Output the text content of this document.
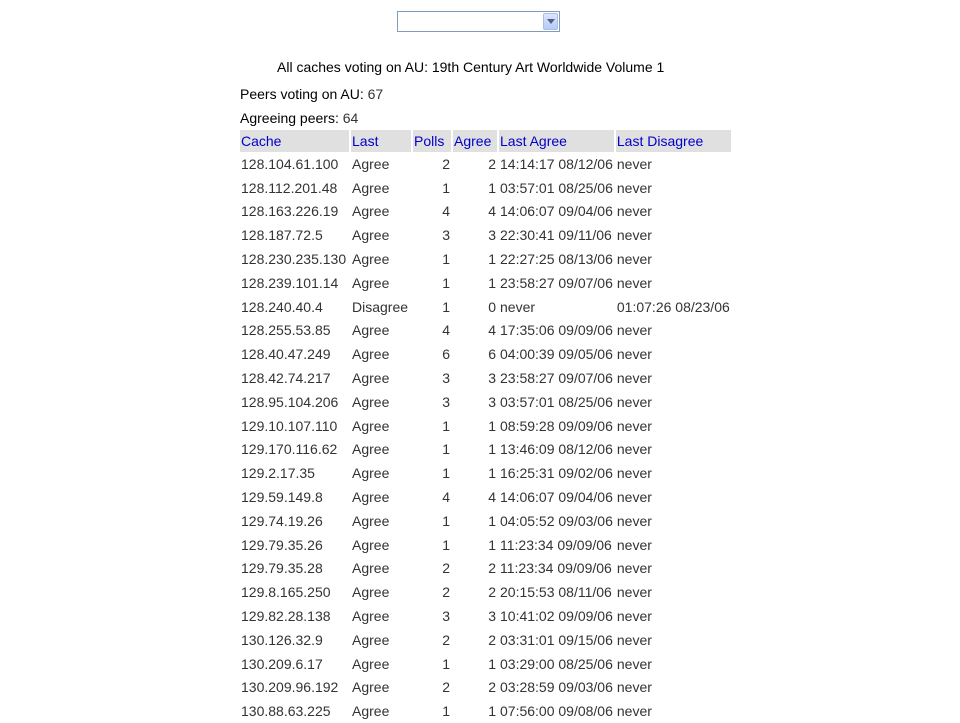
All caches voting on AU: 19th Century Art Worldwide Volume 1
Peers voting on AU: 67
Agreeing peers: 64
Cache	Last	Polls	Agree	Last Agree	Last Disagree
128.104.61.100	Agree	2	2	14:14:17 08/12/06	never
128.112.201.48	Agree	1	1	03:57:01 08/25/06	never
128.163.226.19	Agree	4	4	14:06:07 09/04/06	never
128.187.72.5	Agree	3	3	22:30:41 09/11/06	never
128.230.235.130	Agree	1	1	22:27:25 08/13/06	never
128.239.101.14	Agree	1	1	23:58:27 09/07/06	never
128.240.40.4	Disagree	1	0	never	01:07:26 08/23/06
128.255.53.85	Agree	4	4	17:35:06 09/09/06	never
128.40.47.249	Agree	6	6	04:00:39 09/05/06	never
128.42.74.217	Agree	3	3	23:58:27 09/07/06	never
128.95.104.206	Agree	3	3	03:57:01 08/25/06	never
129.10.107.110	Agree	1	1	08:59:28 09/09/06	never
129.170.116.62	Agree	1	1	13:46:09 08/12/06	never
129.2.17.35	Agree	1	1	16:25:31 09/02/06	never
129.59.149.8	Agree	4	4	14:06:07 09/04/06	never
129.74.19.26	Agree	1	1	04:05:52 09/03/06	never
129.79.35.26	Agree	1	1	11:23:34 09/09/06	never
129.79.35.28	Agree	2	2	11:23:34 09/09/06	never
129.8.165.250	Agree	2	2	20:15:53 08/11/06	never
129.82.28.138	Agree	3	3	10:41:02 09/09/06	never
130.126.32.9	Agree	2	2	03:31:01 09/15/06	never
130.209.6.17	Agree	1	1	03:29:00 08/25/06	never
130.209.96.192	Agree	2	2	03:28:59 09/03/06	never
130.88.63.225	Agree	1	1	07:56:00 09/08/06	never
